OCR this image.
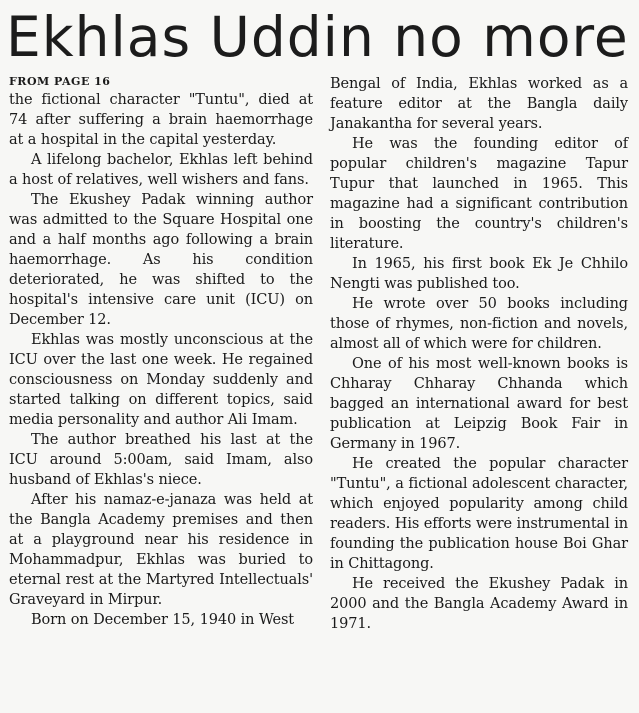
Ekhlas Uddin no more
FROM PAGE 16

the fictional character "Tuntu", died at 74 after suffering a brain haemorrhage at a hospital in the capital yesterday.

A lifelong bachelor, Ekhlas left behind a host of relatives, well wishers and fans.

The Ekushey Padak winning author was admitted to the Square Hospital one and a half months ago following a brain haemorrhage. As his condition deteriorated, he was shifted to the hospital's intensive care unit (ICU) on December 12.

Ekhlas was mostly unconscious at the ICU over the last one week. He regained consciousness on Monday suddenly and started talking on different topics, said media personality and author Ali Imam.

The author breathed his last at the ICU around 5:00am, said Imam, also husband of Ekhlas's niece.

After his namaz-e-janaza was held at the Bangla Academy premises and then at a playground near his residence in Mohammadpur, Ekhlas was buried to eternal rest at the Martyred Intellectuals' Graveyard in Mirpur.

Born on December 15, 1940 in West

Bengal of India, Ekhlas worked as a feature editor at the Bangla daily Janakantha for several years.

He was the founding editor of popular children's magazine Tapur Tupur that launched in 1965. This magazine had a significant contribution in boosting the country's children's literature.

In 1965, his first book Ek Je Chhilo Nengti was published too.

He wrote over 50 books including those of rhymes, non-fiction and novels, almost all of which were for children.

One of his most well-known books is Chharay Chharay Chhanda which bagged an international award for best publication at Leipzig Book Fair in Germany in 1967.

He created the popular character "Tuntu", a fictional adolescent character, which enjoyed popularity among child readers. His efforts were instrumental in founding the publication house Boi Ghar in Chittagong.

He received the Ekushey Padak in 2000 and the Bangla Academy Award in 1971.
